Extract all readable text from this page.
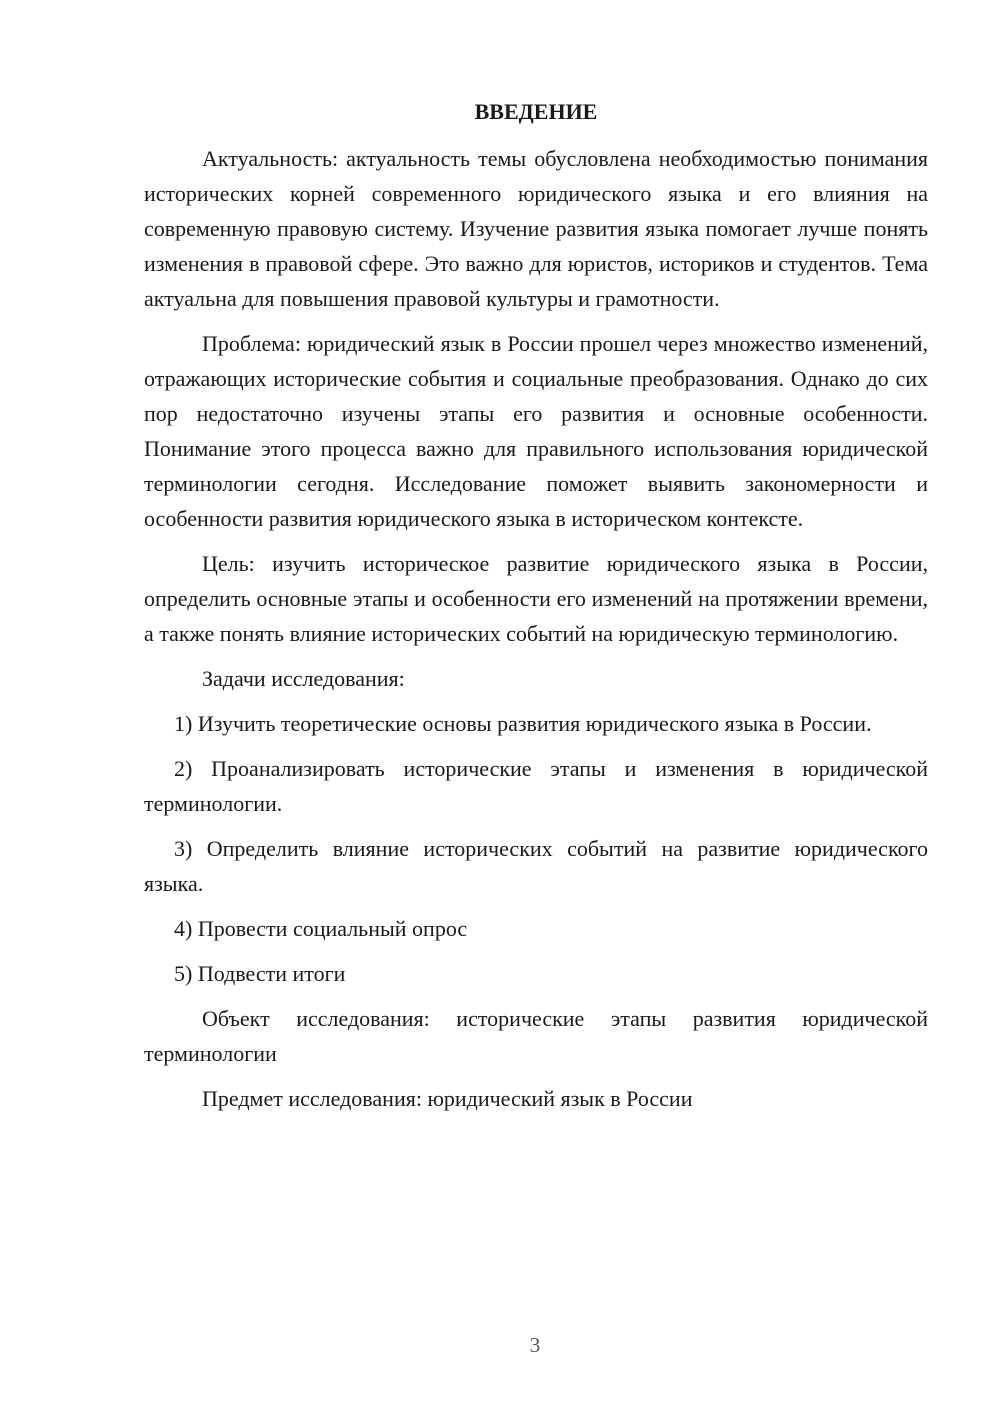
ВВЕДЕНИЕ

Актуальность: актуальность темы обусловлена необходимостью понимания исторических корней современного юридического языка и его влияния на современную правовую систему. Изучение развития языка помогает лучше понять изменения в правовой сфере. Это важно для юристов, историков и студентов. Тема актуальна для повышения правовой культуры и грамотности.

Проблема: юридический язык в России прошел через множество изменений, отражающих исторические события и социальные преобразования. Однако до сих пор недостаточно изучены этапы его развития и основные особенности. Понимание этого процесса важно для правильного использования юридической терминологии сегодня. Исследование поможет выявить закономерности и особенности развития юридического языка в историческом контексте.

Цель: изучить историческое развитие юридического языка в России, определить основные этапы и особенности его изменений на протяжении времени, а также понять влияние исторических событий на юридическую терминологию.

Задачи исследования:

1) Изучить теоретические основы развития юридического языка в России.

2) Проанализировать исторические этапы и изменения в юридической терминологии.

3) Определить влияние исторических событий на развитие юридического языка.

4) Провести социальный опрос

5) Подвести итоги

Объект исследования: исторические этапы развития юридической терминологии

Предмет исследования: юридический язык в России

3
